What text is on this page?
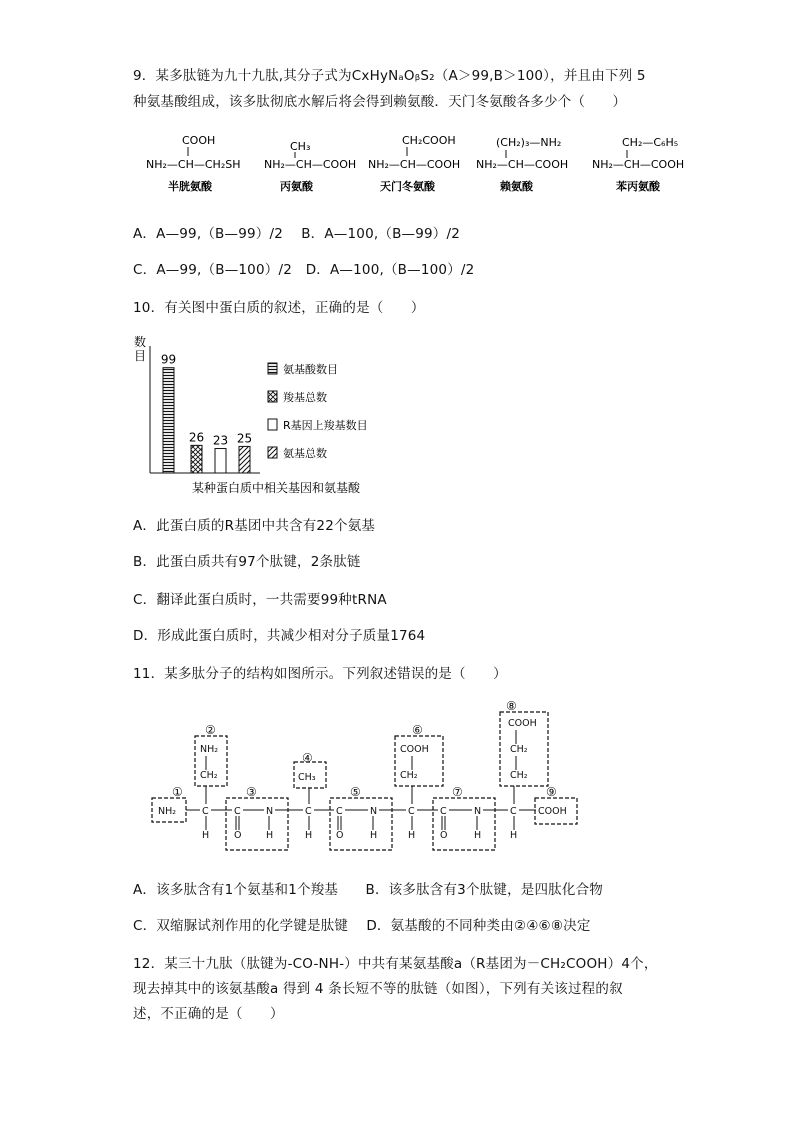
9．某多肽链为九十九肽,其分子式为CxHyNₐOᵦS₂（A＞99,B＞100），并且由下列 5
种氨基酸组成，该多肽彻底水解后将会得到赖氨酸．天门冬氨酸各多少个（　　）
COOH
NH₂—CH—CH₂SH
半胱氨酸
CH₃
NH₂—CH—COOH
丙氨酸
CH₂COOH
NH₂—CH—COOH
天门冬氨酸
(CH₂)₃—NH₂
NH₂—CH—COOH
赖氨酸
CH₂—C₆H₅
NH₂—CH—COOH
苯丙氨酸
A．A—99,（B—99）/2　 B．A—100,（B—99）/2
C．A—99,（B—100）/2　D．A—100,（B—100）/2
10．有关图中蛋白质的叙述，正确的是（　　）
数
目 99
26 23 25
氨基酸数目
羧基总数
R基因上羧基数目
氨基总数
某种蛋白质中相关基因和氨基酸
A．此蛋白质的R基团中共含有22个氨基
B．此蛋白质共有97个肽键，2条肽链
C．翻译此蛋白质时，一共需要99种tRNA
D．形成此蛋白质时，共减少相对分子质量1764
11．某多肽分子的结构如图所示。下列叙述错误的是（　　）
①
②
③
④
⑤
⑥
⑦
⑧
⑨
NH₂
NH₂
CH₂	CH₃
COOH
CH₂
COOH
CH₂
CH₂
COOH
C
H
C
O
N
H
C
H
C
O
N
H
C
H
C
O
N
H
C
H
A．该多肽含有1个氨基和1个羧基　　B．该多肽含有3个肽键，是四肽化合物
C．双缩脲试剂作用的化学键是肽键　 D．氨基酸的不同种类由②④⑥⑧决定
12．某三十九肽（肽键为-CO-NH-）中共有某氨基酸a（R基团为－CH₂COOH）4个，
现去掉其中的该氨基酸a 得到 4 条长短不等的肽链（如图），下列有关该过程的叙
述，不正确的是（　　）
